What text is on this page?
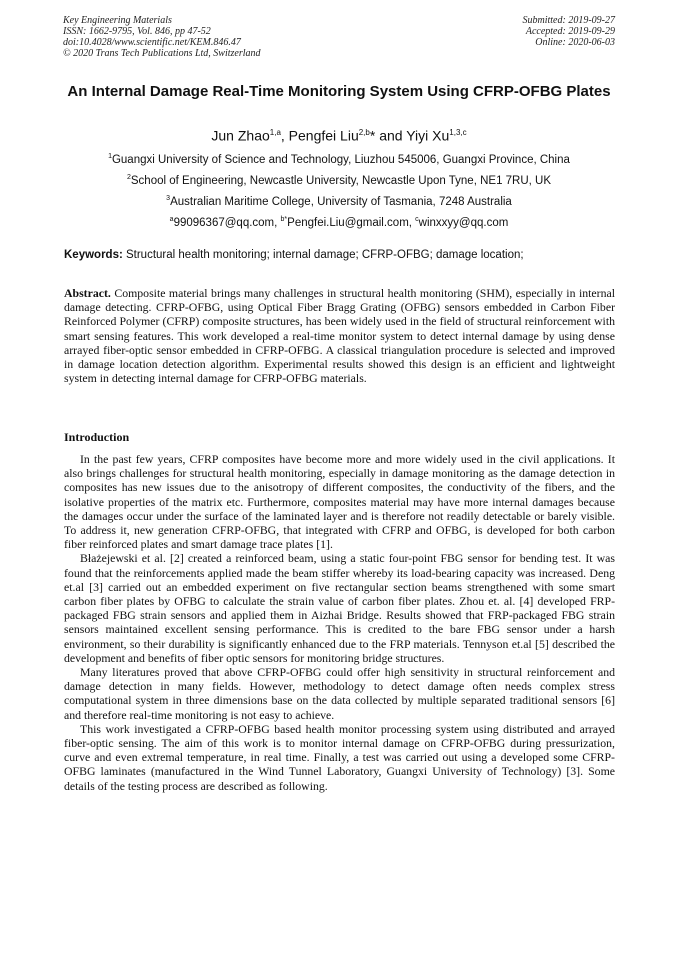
Key Engineering Materials
ISSN: 1662-9795, Vol. 846, pp 47-52
doi:10.4028/www.scientific.net/KEM.846.47
© 2020 Trans Tech Publications Ltd, Switzerland
Submitted: 2019-09-27
Accepted: 2019-09-29
Online: 2020-06-03
An Internal Damage Real-Time Monitoring System Using CFRP-OFBG Plates
Jun Zhao$^{1,a}$, Pengfei Liu$^{2,b}$* and Yiyi Xu$^{1,3,c}$
$^1$Guangxi University of Science and Technology, Liuzhou 545006, Guangxi Province, China
$^2$School of Engineering, Newcastle University, Newcastle Upon Tyne, NE1 7RU, UK
$^3$Australian Maritime College, University of Tasmania, 7248 Australia
$^a$99096367@qq.com, $^{b*}$Pengfei.Liu@gmail.com, $^c$winxxyy@qq.com
Keywords: Structural health monitoring; internal damage; CFRP-OFBG; damage location;

Abstract. Composite material brings many challenges in structural health monitoring (SHM), especially in internal damage detecting. CFRP-OFBG, using Optical Fiber Bragg Grating (OFBG) sensors embedded in Carbon Fiber Reinforced Polymer (CFRP) composite structures, has been widely used in the field of structural reinforcement with smart sensing features. This work developed a real-time monitor system to detect internal damage by using dense arrayed fiber-optic sensor embedded in CFRP-OFBG. A classical triangulation procedure is selected and improved in damage location detection algorithm. Experimental results showed this design is an efficient and lightweight system in detecting internal damage for CFRP-OFBG materials.

Introduction

In the past few years, CFRP composites have become more and more widely used in the civil applications. It also brings challenges for structural health monitoring, especially in damage monitoring as the damage detection in composites has new issues due to the anisotropy of different composites, the conductivity of the fibers, and the isolative properties of the matrix etc. Furthermore, composites material may have more internal damages because the damages occur under the surface of the laminated layer and is therefore not readily detectable or barely visible. To address it, new generation CFRP-OFBG, that integrated with CFRP and OFBG, is developed for both carbon fiber reinforced plates and smart damage trace plates [1].

Błażejewski et al. [2] created a reinforced beam, using a static four-point FBG sensor for bending test. It was found that the reinforcements applied made the beam stiffer whereby its load-bearing capacity was increased. Deng et.al [3] carried out an embedded experiment on five rectangular section beams strengthened with some smart carbon fiber plates by OFBG to calculate the strain value of carbon fiber plates. Zhou et. al. [4] developed FRP-packaged FBG strain sensors and applied them in Aizhai Bridge. Results showed that FRP-packaged FBG strain sensors maintained excellent sensing performance. This is credited to the bare FBG sensor under a harsh environment, so their durability is significantly enhanced due to the FRP materials. Tennyson et.al [5] described the development and benefits of fiber optic sensors for monitoring bridge structures.

Many literatures proved that above CFRP-OFBG could offer high sensitivity in structural reinforcement and damage detection in many fields. However, methodology to detect damage often needs complex stress computational system in three dimensions base on the data collected by multiple separated traditional sensors [6] and therefore real-time monitoring is not easy to achieve.

This work investigated a CFRP-OFBG based health monitor processing system using distributed and arrayed fiber-optic sensing. The aim of this work is to monitor internal damage on CFRP-OFBG during pressurization, curve and even extremal temperature, in real time. Finally, a test was carried out using a developed some CFRP-OFBG laminates (manufactured in the Wind Tunnel Laboratory, Guangxi University of Technology) [3]. Some details of the testing process are described as following.
